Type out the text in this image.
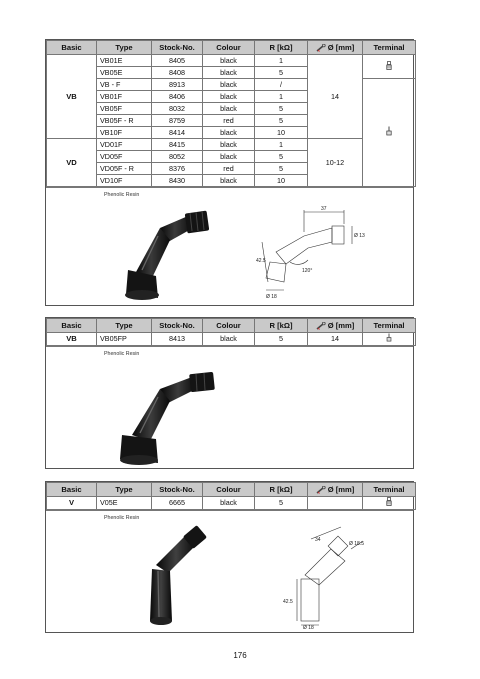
Basic	Type	Stock-No.	Colour	R [kΩ]	Ø [mm]	Terminal
VB	VB01E	8405	black	1	14	
	VB05E	8408	black	5		
	VB - F	8913	black	/	
	VB01F	8406	black	1		
	VB05F	8032	black	5		
	VB05F - R	8759	red	5		
	VB10F	8414	black	10		
VD	VD01F	8415	black	1	10-12	
	VD05F	8052	black	5		
	VD05F - R	8376	red	5		
	VD10F	8430	black	10		
Phenolic Resin
37
Ø 13
42.5
120°
Ø 18
Basic	Type	Stock-No.	Colour	R [kΩ]	Ø [mm]	Terminal
VB	VB05FP	8413	black	5	14	
Phenolic Resin
Basic	Type	Stock-No.	Colour	R [kΩ]	Ø [mm]	Terminal
V	V05E	6665	black	5		
Phenolic Resin
34
Ø 18.5
42.5
Ø 18
176
